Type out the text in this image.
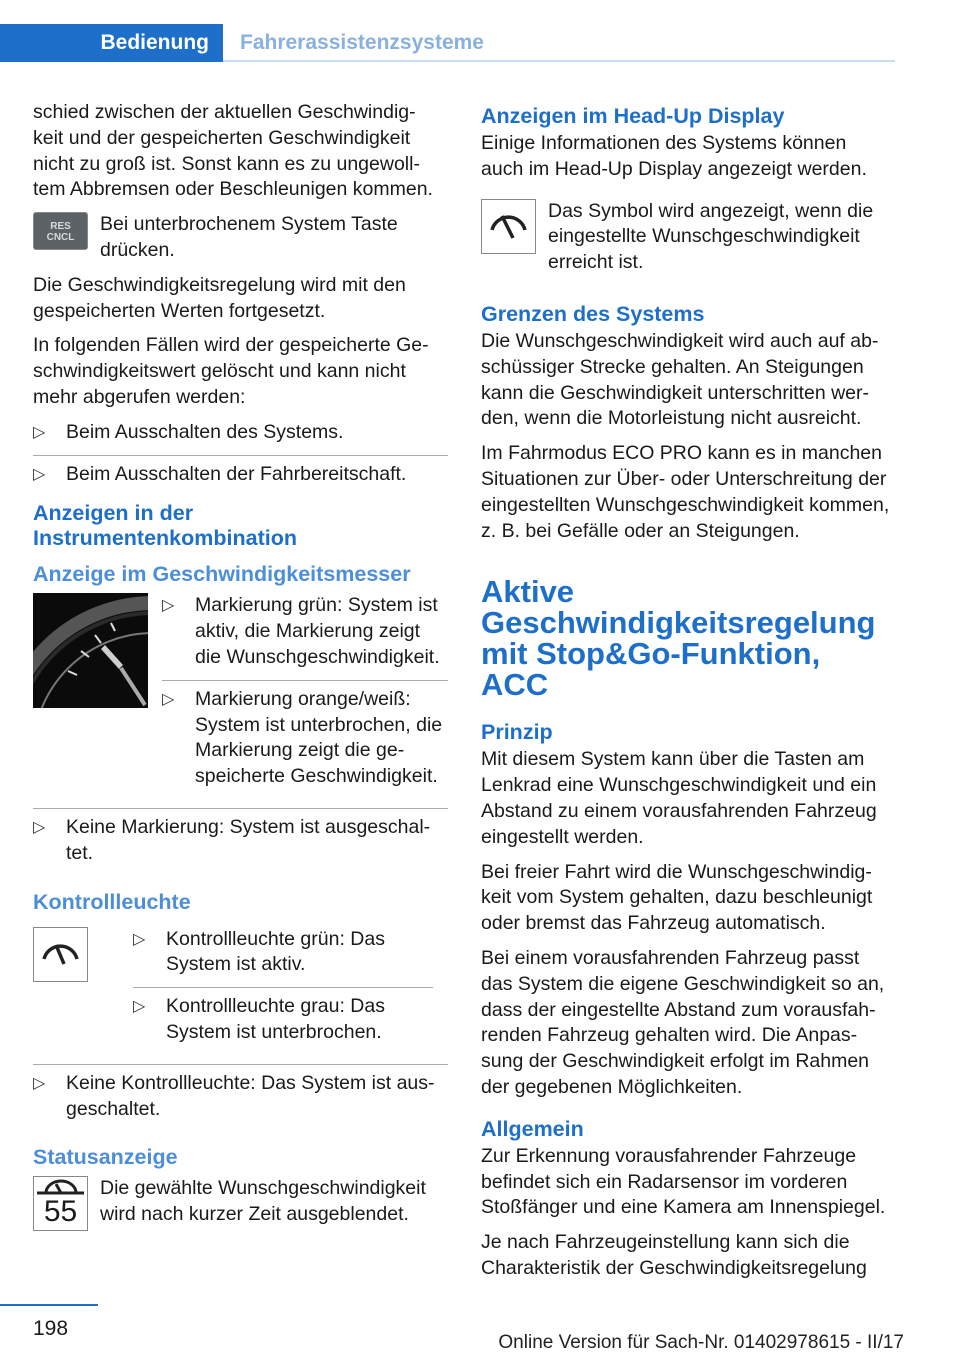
Bedienung	Fahrerassistenzsysteme

schied zwischen der aktuellen Geschwindig‐ keit und der gespeicherten Geschwindigkeit nicht zu groß ist. Sonst kann es zu ungewoll‐ tem Abbremsen oder Beschleunigen kommen.

RES
CNCL
Bei unterbrochenem System Taste drücken.

Die Geschwindigkeitsregelung wird mit den gespeicherten Werten fortgesetzt.

In folgenden Fällen wird der gespeicherte Ge‐ schwindigkeitswert gelöscht und kann nicht mehr abgerufen werden:

▷ Beim Ausschalten des Systems.
▷ Beim Ausschalten der Fahrbereitschaft.
Anzeigen in der Instrumentenkombination
Anzeige im Geschwindigkeitsmesser
▷ Markierung grün: System ist aktiv, die Markierung zeigt die Wunschgeschwindigkeit.
▷ Markierung orange/weiß: System ist unterbrochen, die Markierung zeigt die ge‐ speicherte Geschwindigkeit.
▷ Keine Markierung: System ist ausgeschal‐ tet.
Kontrollleuchte
▷ Kontrollleuchte grün: Das System ist aktiv.
▷ Kontrollleuchte grau: Das System ist unterbrochen.
▷ Keine Kontrollleuchte: Das System ist aus‐ geschaltet.
Statusanzeige
55
Die gewählte Wunschgeschwindigkeit wird nach kurzer Zeit ausgeblendet.
Anzeigen im Head-Up Display

Einige Informationen des Systems können auch im Head-Up Display angezeigt werden.

Das Symbol wird angezeigt, wenn die eingestellte Wunschgeschwindigkeit erreicht ist.
Grenzen des Systems

Die Wunschgeschwindigkeit wird auch auf ab‐ schüssiger Strecke gehalten. An Steigungen kann die Geschwindigkeit unterschritten wer‐ den, wenn die Motorleistung nicht ausreicht.

Im Fahrmodus ECO PRO kann es in manchen Situationen zur Über- oder Unterschreitung der eingestellten Wunschgeschwindigkeit kommen, z. B. bei Gefälle oder an Steigungen.

Aktive Geschwindigkeitsregelung mit Stop&Go-Funktion, ACC
Prinzip

Mit diesem System kann über die Tasten am Lenkrad eine Wunschgeschwindigkeit und ein Abstand zu einem vorausfahrenden Fahrzeug eingestellt werden.

Bei freier Fahrt wird die Wunschgeschwindig‐ keit vom System gehalten, dazu beschleunigt oder bremst das Fahrzeug automatisch.

Bei einem vorausfahrenden Fahrzeug passt das System die eigene Geschwindigkeit so an, dass der eingestellte Abstand zum vorausfah‐ renden Fahrzeug gehalten wird. Die Anpas‐ sung der Geschwindigkeit erfolgt im Rahmen der gegebenen Möglichkeiten.

Allgemein

Zur Erkennung vorausfahrender Fahrzeuge befindet sich ein Radarsensor im vorderen Stoßfänger und eine Kamera am Innenspiegel.

Je nach Fahrzeugeinstellung kann sich die Charakteristik der Geschwindigkeitsregelung

198
Online Version für Sach-Nr. 01402978615 - II/17
